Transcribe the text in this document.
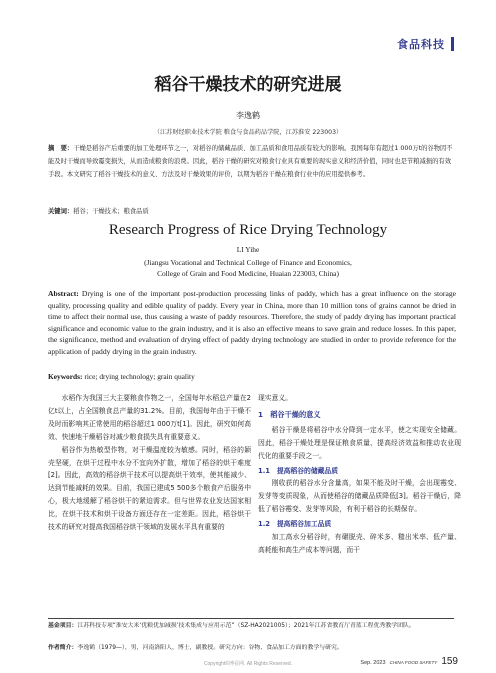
食品科技
稻谷干燥技术的研究进展
李逸鹤
（江苏财经职业技术学院 粮食与食品药品学院，江苏淮安 223003）
摘　要：干燥是稻谷产后重要的加工处理环节之一，对稻谷的储藏品质、加工品质和食用品质有较大的影响。我国每年有超过1 000万t的谷物因不能及时干燥而导致霉变损失，从而造成粮食的浪费。因此，稻谷干燥的研究对粮食行业具有重要的现实意义和经济价值，同时也是节粮减损的有效手段。本文研究了稻谷干燥技术的意义、方法及对干燥效果的评价，以期为稻谷干燥在粮食行业中的应用提供参考。
关键词：稻谷；干燥技术；粮食品质
Research Progress of Rice Drying Technology
LI Yihe
(Jiangsu Vocational and Technical College of Finance and Economics,
College of Grain and Food Medicine, Huaian 223003, China)
Abstract: Drying is one of the important post-production processing links of paddy, which has a great influence on the storage quality, processing quality and edible quality of paddy. Every year in China, more than 10 million tons of grains cannot be dried in time to affect their normal use, thus causing a waste of paddy resources. Therefore, the study of paddy drying has important practical significance and economic value to the grain industry, and it is also an effective means to save grain and reduce losses. In this paper, the significance, method and evaluation of drying effect of paddy drying technology are studied in order to provide reference for the application of paddy drying in the grain industry.
Keywords: rice; drying technology; grain quality

水稻作为我国三大主要粮食作物之一，全国每年水稻总产量在2亿t以上，占全国粮食总产量的31.2%。目前，我国每年由于干燥不及时而影响其正常使用的稻谷超过1 000万t[1]。因此，研究如何高效、快速地干燥稻谷对减少粮食损失具有重要意义。

稻谷作为热敏型作物，对干燥温度较为敏感。同时，稻谷的颖壳坚硬，在烘干过程中水分不宜向外扩散，增加了稻谷的烘干难度[2]。因此，高效的稻谷烘干技术可以提高烘干效率，使其能减少、达到节能减耗的效果。目前，我国已建成5 500多个粮食产后服务中心，极大地缓解了稻谷烘干的紧迫需求。但与世界农业发达国家相比，在烘干技术和烘干设备方面还存在一定差距。因此，稻谷烘干技术的研究对提高我国稻谷烘干领域的发展水平具有重要的

现实意义。

1　稻谷干燥的意义

稻谷干燥是将稻谷中水分降到一定水平，使之实现安全储藏。因此，稻谷干燥处理是保证粮食质量、提高经济效益和推动农业现代化的重要手段之一。

1.1　提高稻谷的储藏品质

刚收获的稻谷水分含量高，如果不能及时干燥，会出现霉变、发芽等变质现象，从而使稻谷的储藏品质降低[3]。稻谷干燥后，降低了稻谷霉变、发芽等风险，有利于稻谷的长期保存。

1.2　提高稻谷加工品质

加工高水分稻谷时，有碾脱壳、碎米多、糙出米率、低产量、高耗能和高生产成本等问题，而干

基金项目：江苏科技专项“淮安大米‘优粮优加减损’技术集成与应用示范”（SZ-HA2021005）；2021年江苏省教育厅青蓝工程优秀教学团队。
作者简介：李逸鹤（1979—），男，河南洛阳人，博士，副教授。研究方向：谷物、食品加工方面的教学与研究。
Copyright©博看网. All Rights Reserved.	Sep. 2023 CHINA FOOD SAFETY 159
